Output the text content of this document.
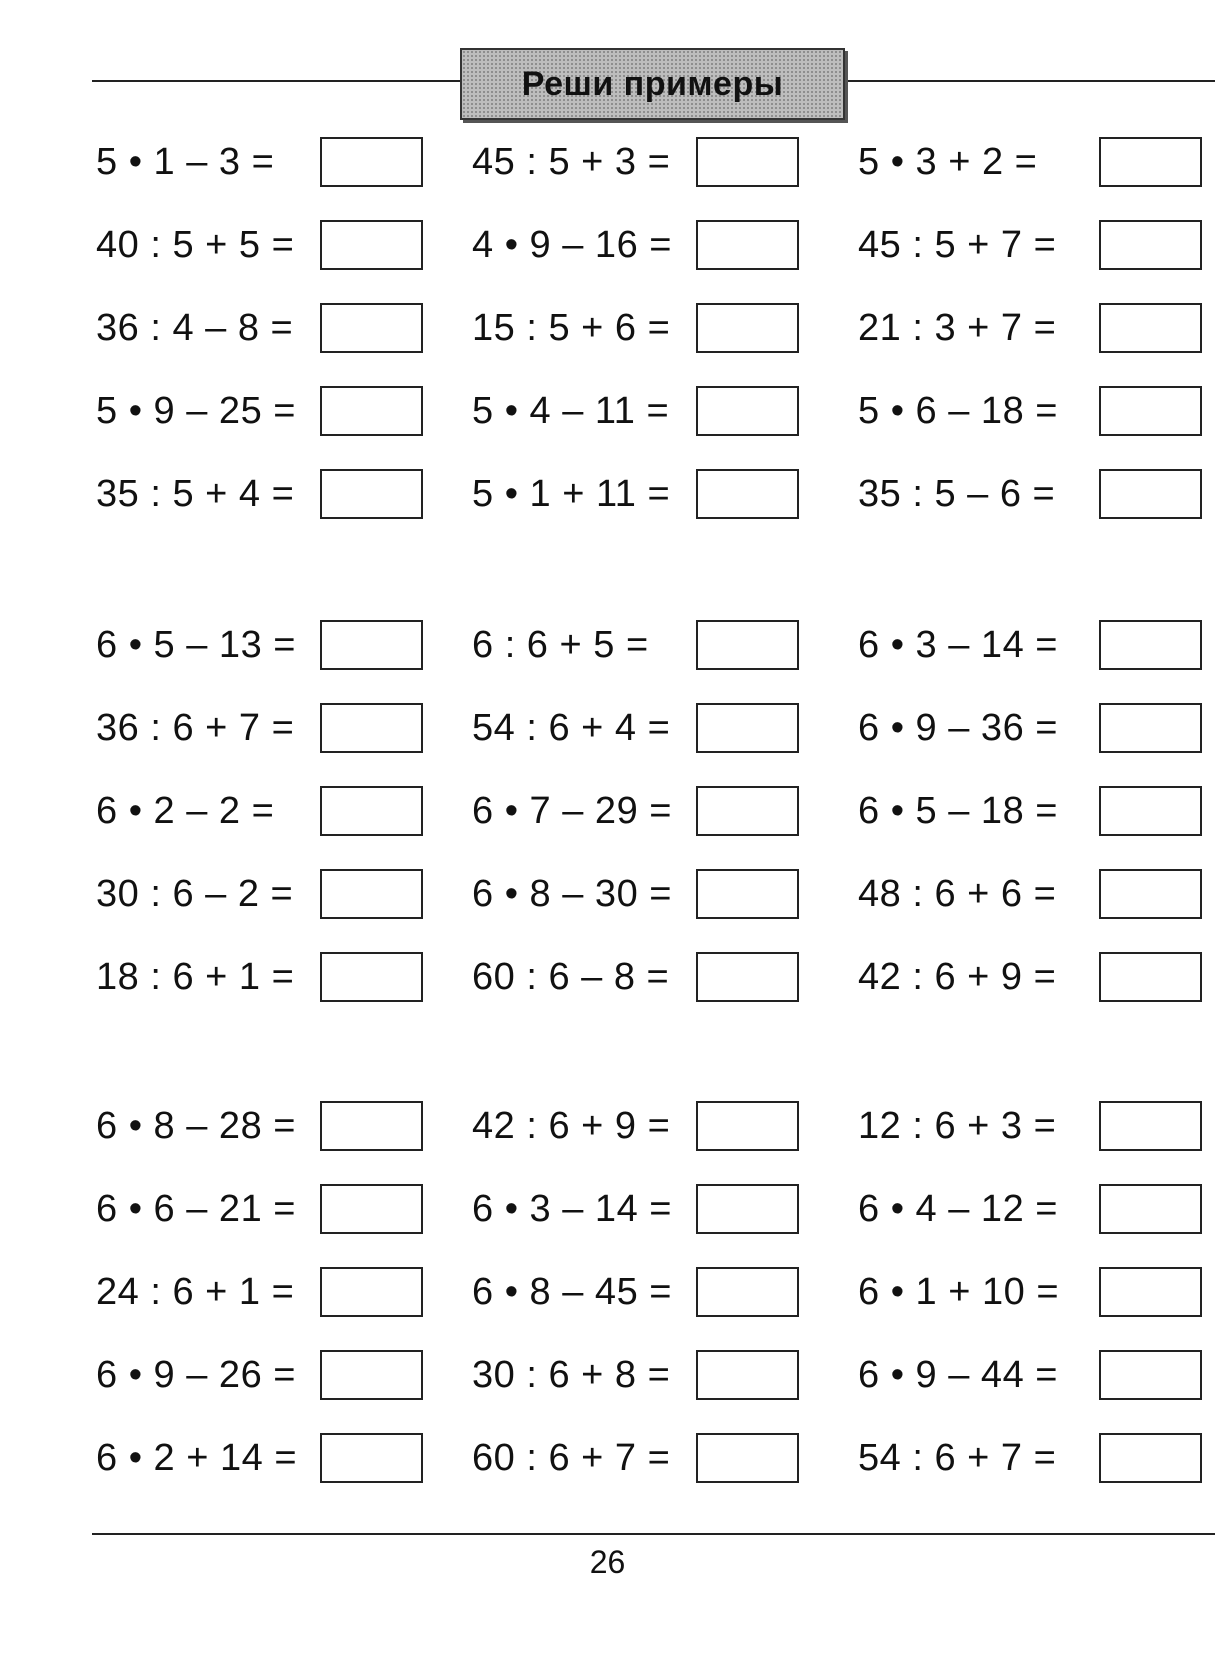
Реши примеры
5 • 1 – 3 =	45 : 5 + 3 =	5 • 3 + 2 =
40 : 5 + 5 =	4 • 9 – 16 =	45 : 5 + 7 =
36 : 4 – 8 =	15 : 5 + 6 =	21 : 3 + 7 =
5 • 9 – 25 =	5 • 4 – 11 =	5 • 6 – 18 =
35 : 5 + 4 =	5 • 1 + 11 =	35 : 5 – 6 =
6 • 5 – 13 =	6 : 6 + 5 =	6 • 3 – 14 =
36 : 6 + 7 =	54 : 6 + 4 =	6 • 9 – 36 =
6 • 2 – 2 =	6 • 7 – 29 =	6 • 5 – 18 =
30 : 6 – 2 =	6 • 8 – 30 =	48 : 6 + 6 =
18 : 6 + 1 =	60 : 6 – 8 =	42 : 6 + 9 =
6 • 8 – 28 =	42 : 6 + 9 =	12 : 6 + 3 =
6 • 6 – 21 =	6 • 3 – 14 =	6 • 4 – 12 =
24 : 6 + 1 =	6 • 8 – 45 =	6 • 1 + 10 =
6 • 9 – 26 =	30 : 6 + 8 =	6 • 9 – 44 =
6 • 2 + 14 =	60 : 6 + 7 =	54 : 6 + 7 =
26
